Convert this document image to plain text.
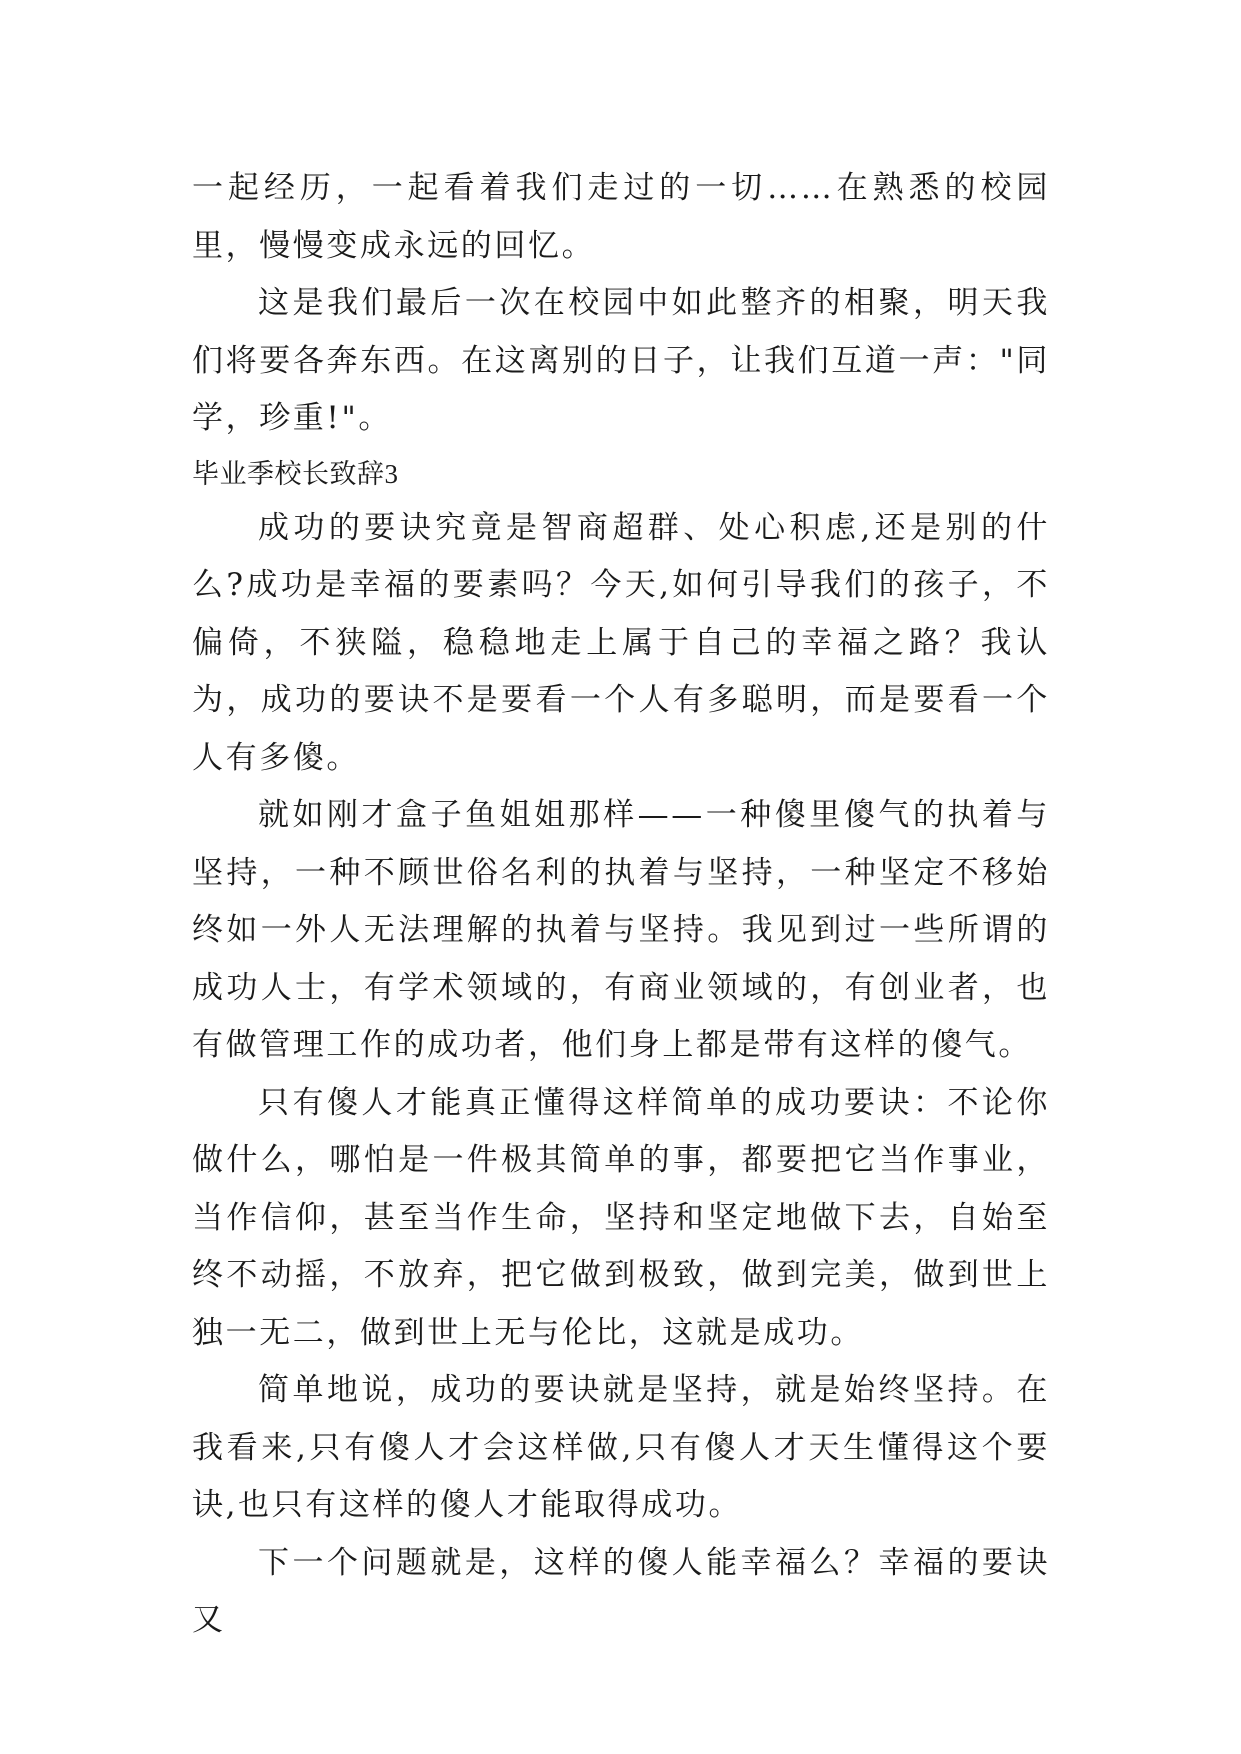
一起经历，一起看着我们走过的一切……在熟悉的校园里，慢慢变成永远的回忆。

这是我们最后一次在校园中如此整齐的相聚，明天我们将要各奔东西。在这离别的日子，让我们互道一声："同学，珍重!"。

毕业季校长致辞3

成功的要诀究竟是智商超群、处心积虑,还是别的什么?成功是幸福的要素吗？今天,如何引导我们的孩子，不偏倚，不狭隘，稳稳地走上属于自己的幸福之路？我认为，成功的要诀不是要看一个人有多聪明，而是要看一个人有多傻。

就如刚才盒子鱼姐姐那样——一种傻里傻气的执着与坚持，一种不顾世俗名利的执着与坚持，一种坚定不移始终如一外人无法理解的执着与坚持。我见到过一些所谓的成功人士，有学术领域的，有商业领域的，有创业者，也有做管理工作的成功者，他们身上都是带有这样的傻气。

只有傻人才能真正懂得这样简单的成功要诀：不论你做什么，哪怕是一件极其简单的事，都要把它当作事业，当作信仰，甚至当作生命，坚持和坚定地做下去，自始至终不动摇，不放弃，把它做到极致，做到完美，做到世上独一无二，做到世上无与伦比，这就是成功。

简单地说，成功的要诀就是坚持，就是始终坚持。在我看来,只有傻人才会这样做,只有傻人才天生懂得这个要诀,也只有这样的傻人才能取得成功。

下一个问题就是，这样的傻人能幸福么？幸福的要诀又
